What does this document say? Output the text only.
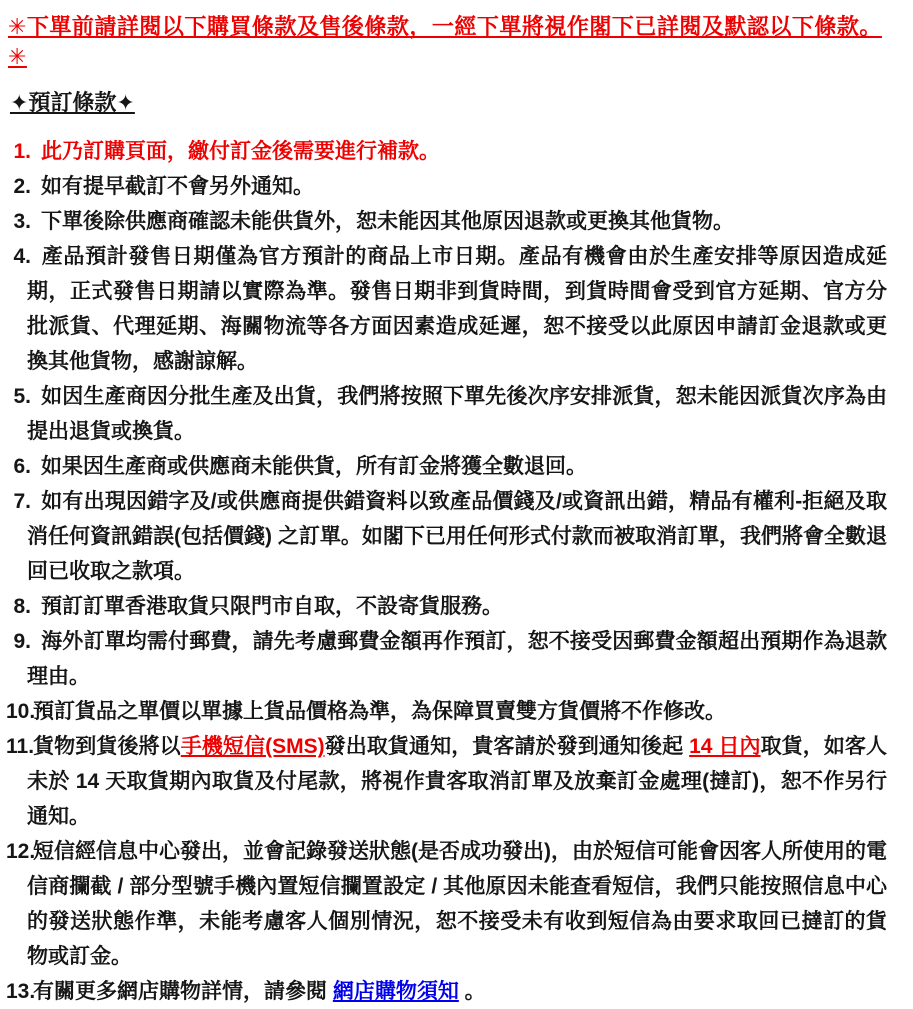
✳下單前請詳閱以下購買條款及售後條款，一經下單將視作閣下已詳閱及默認以下條款。 ✳
✦預訂條款✦
1. 此乃訂購頁面，繳付訂金後需要進行補款。
2. 如有提早截訂不會另外通知。
3. 下單後除供應商確認未能供貨外，恕未能因其他原因退款或更換其他貨物。
4. 產品預計發售日期僅為官方預計的商品上市日期。產品有機會由於生產安排等原因造成延期，正式發售日期請以實際為準。發售日期非到貨時間，到貨時間會受到官方延期、官方分批派貨、代理延期、海關物流等各方面因素造成延遲，恕不接受以此原因申請訂金退款或更換其他貨物，感謝諒解。
5. 如因生產商因分批生產及出貨，我們將按照下單先後次序安排派貨，恕未能因派貨次序為由提出退貨或換貨。
6. 如果因生產商或供應商未能供貨，所有訂金將獲全數退回。
7. 如有出現因錯字及/或供應商提供錯資料以致產品價錢及/或資訊出錯，精品有權利-拒絕及取消任何資訊錯誤(包括價錢) 之訂單。如閣下已用任何形式付款而被取消訂單，我們將會全數退回已收取之款項。
8. 預訂訂單香港取貨只限門市自取，不設寄貨服務。
9. 海外訂單均需付郵費，請先考慮郵費金額再作預訂，恕不接受因郵費金額超出預期作為退款理由。
10.預訂貨品之單價以單據上貨品價格為準，為保障買賣雙方貨價將不作修改。
11.貨物到貨後將以手機短信(SMS)發出取貨通知，貴客請於發到通知後起 14 日內取貨，如客人未於 14 天取貨期內取貨及付尾款，將視作貴客取消訂單及放棄訂金處理(撻訂)，恕不作另行通知。
12.短信經信息中心發出，並會記錄發送狀態(是否成功發出)，由於短信可能會因客人所使用的電信商攔截 / 部分型號手機內置短信攔置設定 / 其他原因未能查看短信，我們只能按照信息中心的發送狀態作準，未能考慮客人個別情況，恕不接受未有收到短信為由要求取回已撻訂的貨物或訂金。
13.有關更多網店購物詳情，請參閱 網店購物須知 。
